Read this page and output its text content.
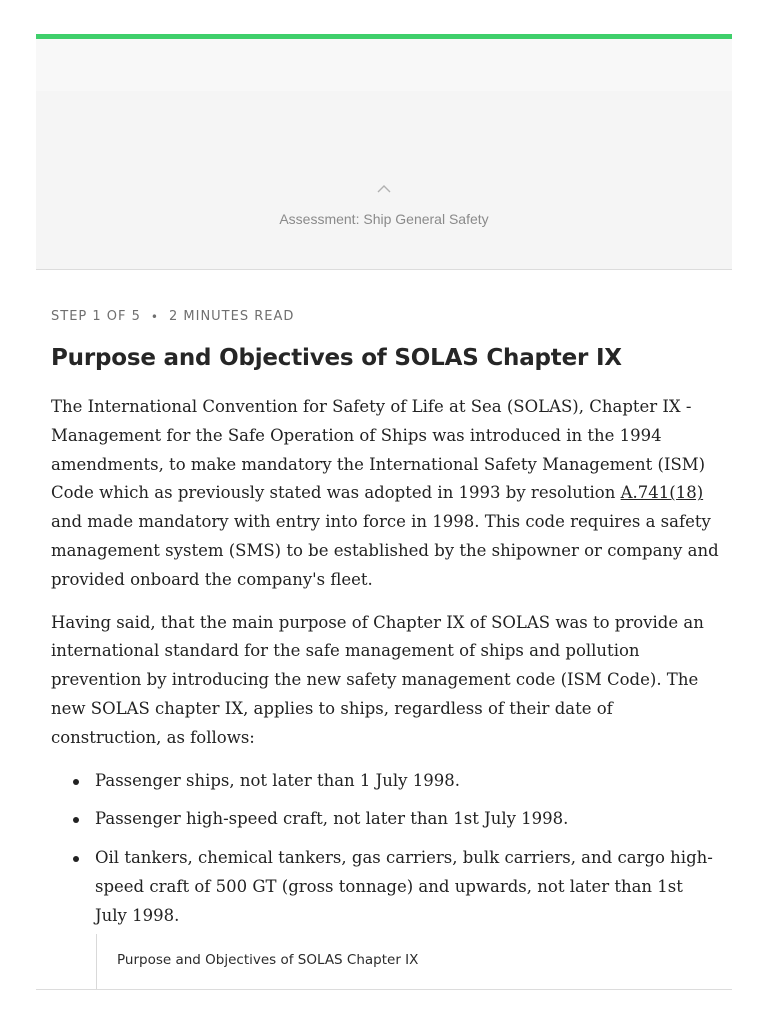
Assessment: Ship General Safety
STEP 1 OF 5 • 2 MINUTES READ
Purpose and Objectives of SOLAS Chapter IX

The International Convention for Safety of Life at Sea (SOLAS), Chapter IX - Management for the Safe Operation of Ships was introduced in the 1994 amendments, to make mandatory the International Safety Management (ISM) Code which as previously stated was adopted in 1993 by resolution A.741(18) and made mandatory with entry into force in 1998. This code requires a safety management system (SMS) to be established by the shipowner or company and provided onboard the company's fleet.

Having said, that the main purpose of Chapter IX of SOLAS was to provide an international standard for the safe management of ships and pollution prevention by introducing the new safety management code (ISM Code). The new SOLAS chapter IX, applies to ships, regardless of their date of construction, as follows:

Passenger ships, not later than 1 July 1998.
Passenger high-speed craft, not later than 1st July 1998.
Oil tankers, chemical tankers, gas carriers, bulk carriers, and cargo high-speed craft of 500 GT (gross tonnage) and upwards, not later than 1st July 1998.
Purpose and Objectives of SOLAS Chapter IX
